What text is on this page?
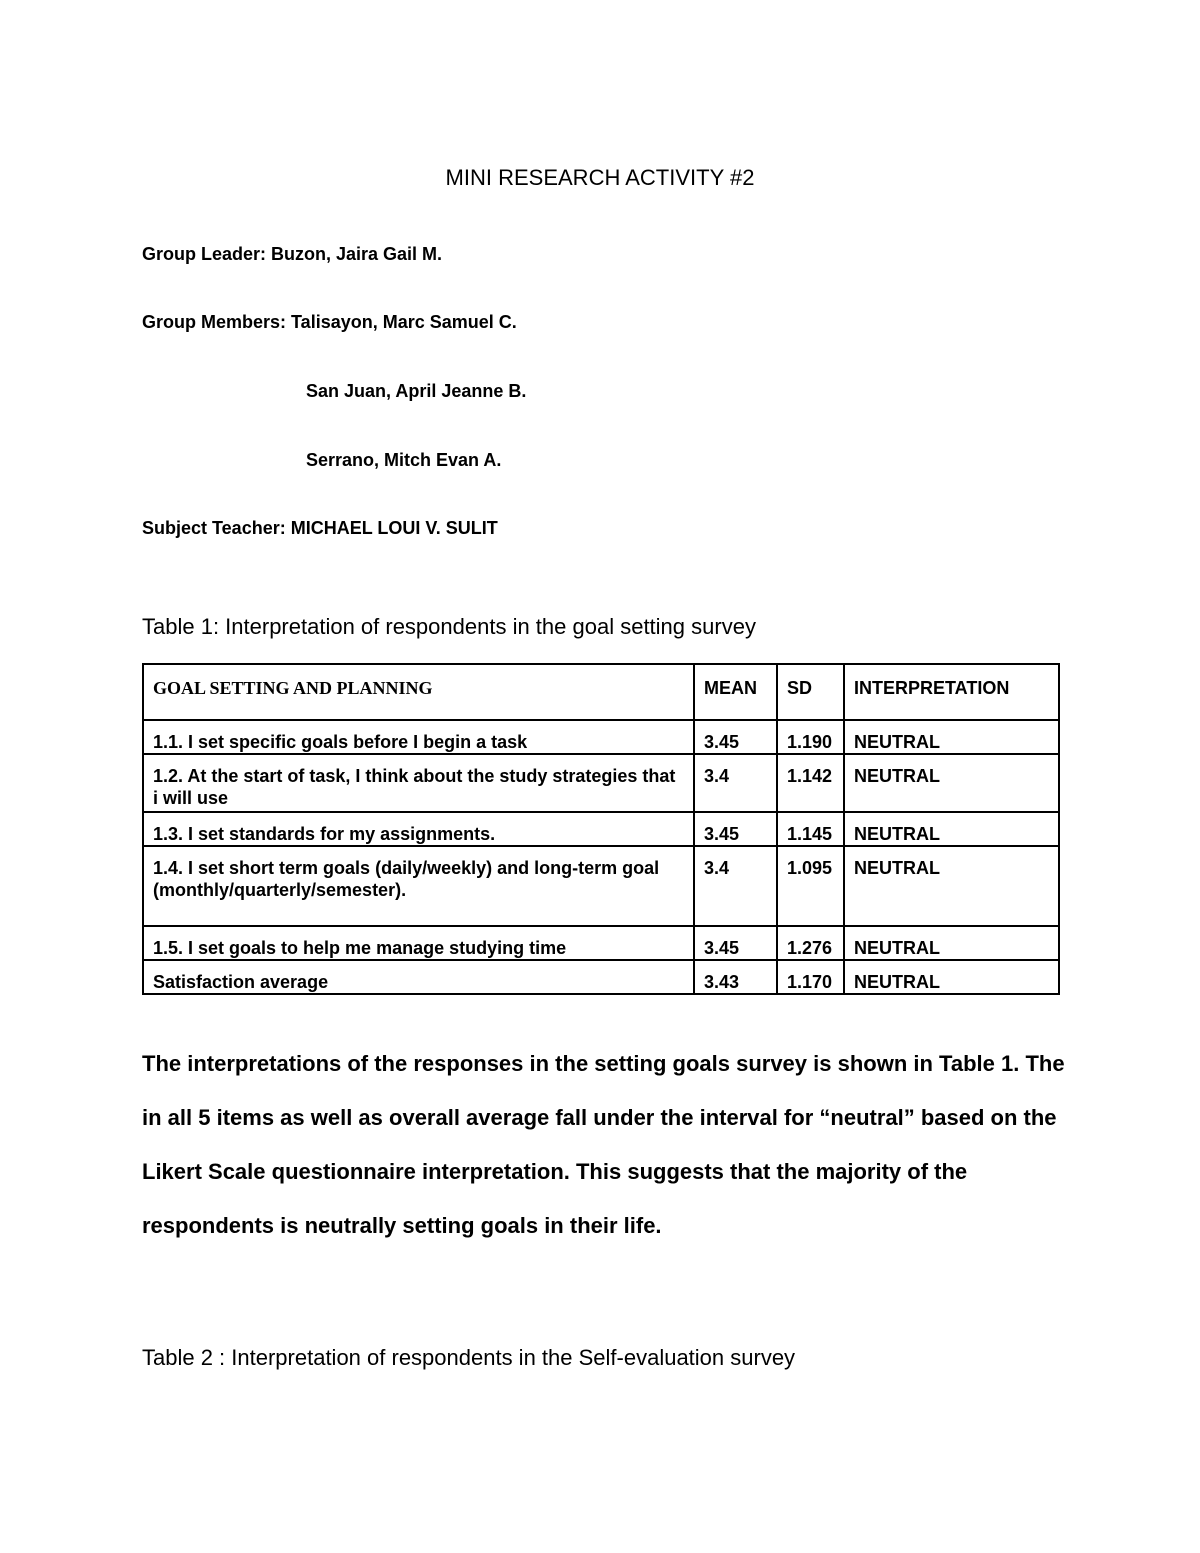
MINI RESEARCH ACTIVITY #2
Group Leader: Buzon, Jaira Gail M.
Group Members: Talisayon, Marc Samuel C.
San Juan, April Jeanne B.
Serrano, Mitch Evan A.
Subject Teacher: MICHAEL LOUI V. SULIT
Table 1: Interpretation of respondents in the goal setting survey
GOAL SETTING AND PLANNING	MEAN	SD	INTERPRETATION
1.1. I set specific goals before I begin a task	3.45	1.190	NEUTRAL
1.2. At the start of task, I think about the study strategies that i will use	3.4	1.142	NEUTRAL
1.3. I set standards for my assignments.	3.45	1.145	NEUTRAL
1.4. I set short term goals (daily/weekly) and long-term goal (monthly/quarterly/semester).	3.4	1.095	NEUTRAL
1.5. I set goals to help me manage studying time	3.45	1.276	NEUTRAL
Satisfaction average	3.43	1.170	NEUTRAL
The interpretations of the responses in the setting goals survey is shown in Table 1. The in all 5 items as well as overall average fall under the interval for “neutral” based on the Likert Scale questionnaire interpretation. This suggests that the majority of the respondents is neutrally setting goals in their life.
Table 2 : Interpretation of respondents in the Self-evaluation survey
